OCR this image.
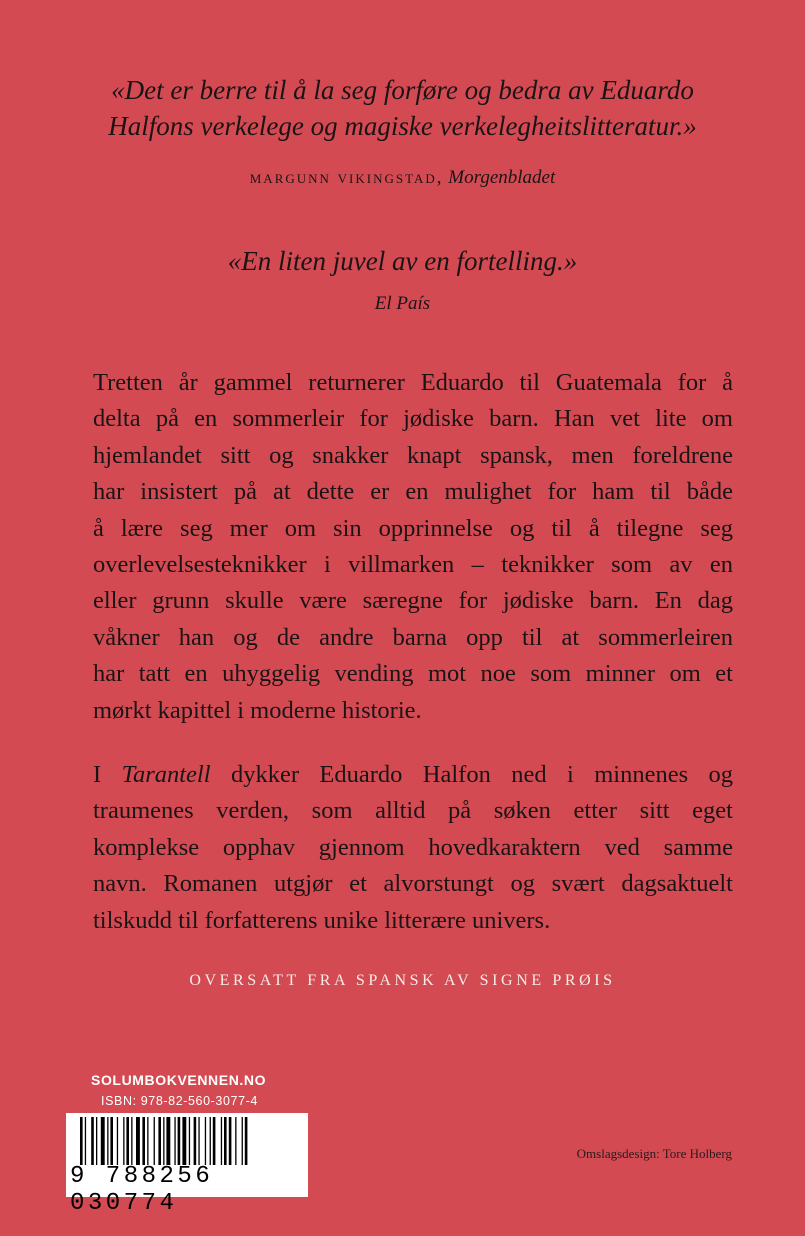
«Det er berre til å la seg forføre og bedra av Eduardo
Halfons verkelege og magiske verkelegheitslitteratur.»
margunn vikingstad, Morgenbladet
«En liten juvel av en fortelling.»
El País
Tretten år gammel returnerer Eduardo til Guatemala for å
delta på en sommerleir for jødiske barn. Han vet lite om
hjemlandet sitt og snakker knapt spansk, men foreldrene
har insistert på at dette er en mulighet for ham til både
å lære seg mer om sin opprinnelse og til å tilegne seg
overlevelsesteknikker i villmarken – teknikker som av en
eller grunn skulle være særegne for jødiske barn. En dag
våkner han og de andre barna opp til at sommerleiren
har tatt en uhyggelig vending mot noe som minner om et
mørkt kapittel i moderne historie.
I Tarantell dykker Eduardo Halfon ned i minnenes og
traumenes verden, som alltid på søken etter sitt eget
komplekse opphav gjennom hovedkaraktern ved samme
navn. Romanen utgjør et alvorstungt og svært dagsaktuelt
tilskudd til forfatterens unike litterære univers.
OVERSATT FRA SPANSK AV SIGNE PRØIS
SOLUMBOKVENNEN.NO
ISBN: 978-82-560-3077-4
9 788256 030774
Omslagsdesign: Tore Holberg
